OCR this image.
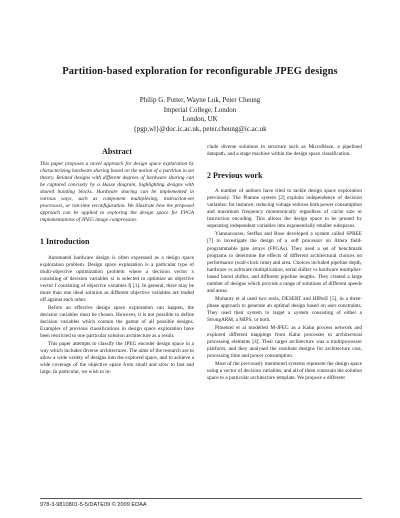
Partition-based exploration for reconfigurable JPEG designs
Philip G. Potter, Wayne Luk, Peter Cheung
Imperial College, London
London, UK
{pgp,wl}@doc.ic.ac.uk, peter.cheung@ic.ac.uk
Abstract

This paper proposes a novel approach for design space exploration by characterizing hardware sharing based on the notion of a partition in set theory. Related designs with different degrees of hardware sharing can be captured concisely by a Hasse diagram, highlighting designs with shared building blocks. Hardware sharing can be implemented in various ways, such as component multiplexing, instruction-set processors, or run-time reconfiguration. We illustrate how the proposed approach can be applied to exploring the design space for FPGA implementations of JPEG image compression.

1 Introduction

Automated hardware design is often expressed as a design space exploration problem. Design space exploration is a particular type of multi-objective optimization problem where a decision vector x consisting of decision variables xi is selected to optimize an objective vector f consisting of objective variables fj [1]. In general, there may be more than one ideal solution as different objective variables are traded off against each other.

Before an effective design space exploration can happen, the decision variables must be chosen. However, it is not possible to define decision variables which contain the gamut of all possible designs. Examples of previous classifications in design space exploration have been restricted to one particular solution architecture as a result.

This paper attempts to classify the JPEG encoder design space in a way which includes diverse architectures. The aims of the research are to allow a wide variety of designs into the explored space, and to achieve a wide coverage of the objective space from small and slow to fast and large. In particular, we wish to in-

clude diverse solutions in structure such as MicroBlaze, a pipelined datapath, and a stage machine within the design space classification.

2 Previous work

A number of authors have tried to tackle design space exploration previously. The Platune system [2] exploits independence of decision variables: for instance, reducing voltage reduces both power consumption and maximum frequency monotonically regardless of cache size or instruction encoding. This allows the design space to be pruned by separating independent variables into exponentially smaller subspaces.

Yiannacouras, Steffan and Rose developed a system called SPREE [7] to investigate the design of a soft processor on Altera field-programmable gate arrays (FPGAs). They used a set of benchmark programs to determine the effects of different architectural choices on performance (wall-clock time) and area. Choices included pipeline depth, hardware vs software multiplication, serial shifter vs hardware multiplier-based barrel shifter, and different pipeline lengths. They created a large number of designs which provide a range of solutions of different speeds and areas.

Mohanty et al used two tools, DESERT and HIPerE [5], in a three-phase approach to generate an optimal design based on user constraints. They used their system to target a system consisting of either a StrongARM, a MIPS, or both.

Pimentel et al modelled M-JPEG as a Kahn process network and explored different mappings from Kahn processes to architectural processing elements [4]. Their target architecture was a multiprocessor platform, and they analysed the resultant designs for architecture cost, processing time and power consumption.

Most of the previously mentioned systems represent the design space using a vector of decision variables, and all of them constrain the solution space to a particular architecture template. We propose a different

978-3-9810801-5-5/DATE09 © 2009 EDAA
